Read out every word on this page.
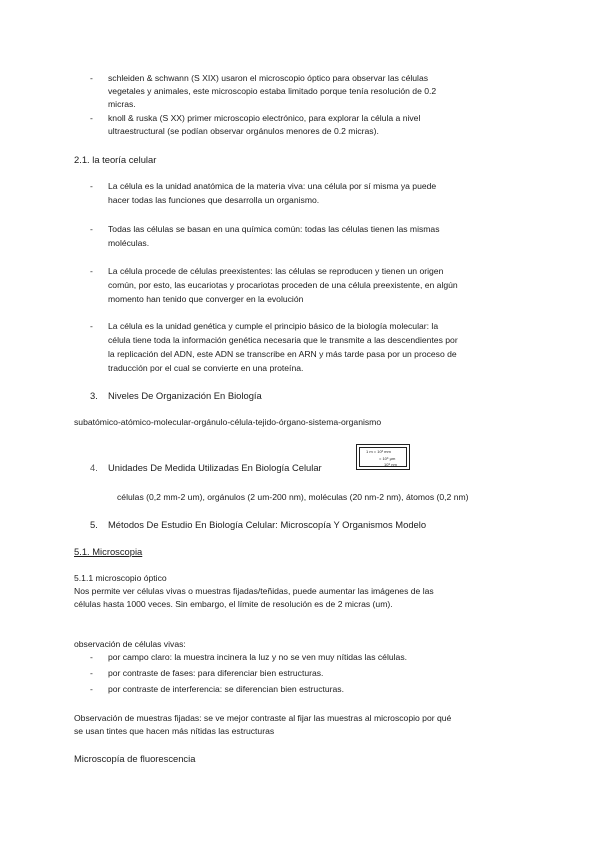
- schleiden & schwann (S XIX) usaron el microscopio óptico para observar las células
vegetales y animales, este microscopio estaba limitado porque tenía resolución de 0.2
micras.
- knoll & ruska (S XX) primer microscopio electrónico, para explorar la célula a nivel
ultraestructural (se podían observar orgánulos menores de 0.2 micras).
2.1. la teoría celular
- La célula es la unidad anatómica de la materia viva: una célula por sí misma ya puede
hacer todas las funciones que desarrolla un organismo.
- Todas las células se basan en una química común: todas las células tienen las mismas
moléculas.
- La célula procede de células preexistentes: las células se reproducen y tienen un origen
común, por esto, las eucariotas y procariotas proceden de una célula preexistente, en algún
momento han tenido que converger en la evolución
- La célula es la unidad genética y cumple el principio básico de la biología molecular: la
célula tiene toda la información genética necesaria que le transmite a las descendientes por
la replicación del ADN, este ADN se transcribe en ARN y más tarde pasa por un proceso de
traducción por el cual se convierte en una proteína.
3. Niveles De Organización En Biología
subatómico-atómico-molecular-orgánulo-célula-tejido-órgano-sistema-organismo
4. Unidades De Medida Utilizadas En Biología Celular
1 m = 10³ mm
= 10⁶ μm
10⁹ nm
células (0,2 mm-2 um), orgánulos (2 um-200 nm), moléculas (20 nm-2 nm), átomos (0,2 nm)
5. Métodos De Estudio En Biología Celular: Microscopía Y Organismos Modelo
5.1. Microscopia
5.1.1 microscopio óptico
Nos permite ver células vivas o muestras fijadas/teñidas, puede aumentar las imágenes de las
células hasta 1000 veces. Sin embargo, el límite de resolución es de 2 micras (um).
observación de células vivas:
- por campo claro: la muestra incinera la luz y no se ven muy nítidas las células.
- por contraste de fases: para diferenciar bien estructuras.
- por contraste de interferencia: se diferencian bien estructuras.
Observación de muestras fijadas: se ve mejor contraste al fijar las muestras al microscopio por qué
se usan tintes que hacen más nítidas las estructuras
Microscopía de fluorescencia
